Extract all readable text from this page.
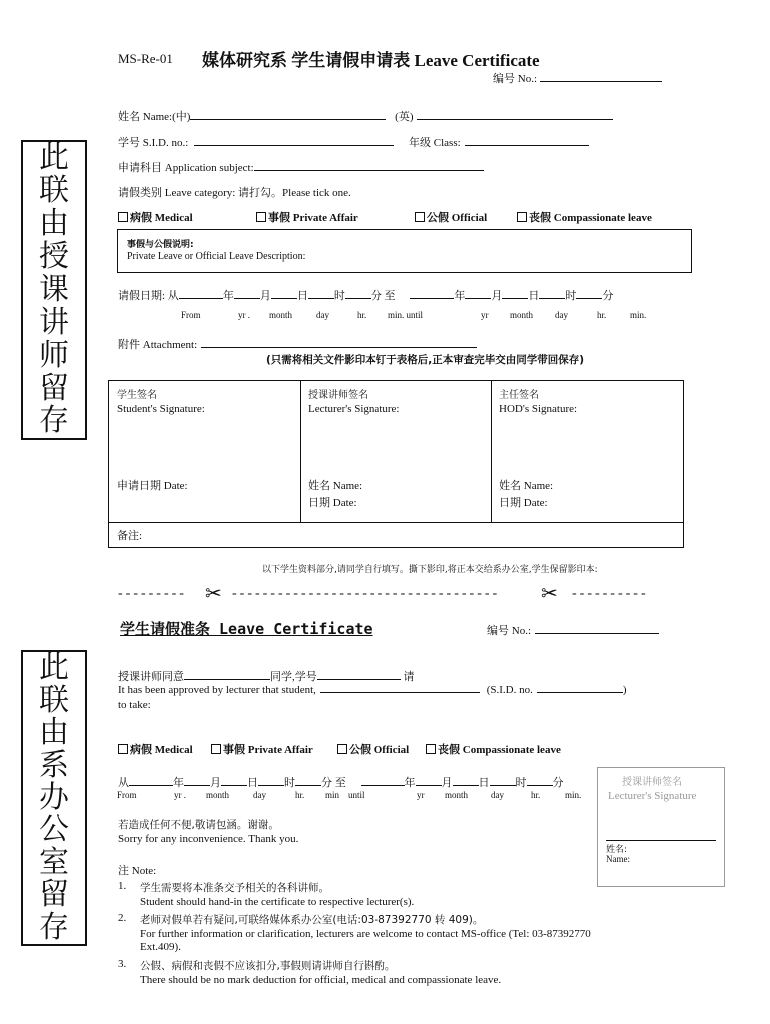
MS-Re-01 媒体研究系 学生请假申请表 Leave Certificate
编号 No.:
此
联
由
授
课
讲
师
留
存
此
联
由
系
办
公
室
留
存
姓名 Name:(中)	(英)
学号 S.I.D. no.:	年级 Class:
申请科目 Application subject:
请假类别 Leave category: 请打勾。Please tick one.
病假 Medical	事假 Private Affair	公假 Official	丧假 Compassionate leave
事假与公假说明:
Private Leave or Official Leave Description:
请假日期: 从	年 月 日 时 分 至	年 月 日 时 分
From	yr . month	day	hr. min. until	yr month day	hr.	min.
附件 Attachment:
(只需将相关文件影印本钉于表格后,正本审查完毕交由同学带回保存)
学生签名
Student's Signature:
申请日期 Date:
授课讲师签名
Lecturer's Signature:
姓名 Name:
日期 Date:
主任签名
HOD's Signature:
姓名 Name:
日期 Date:
备注:
以下学生资料部分,请同学自行填写。撕下影印,将正本交给系办公室,学生保留影印本:
--------- ✂ ----------------------------------- ✂ ----------
学生请假准条 Leave Certificate	编号 No.:
授课讲师同意	同学,学号	请
It has been approved by lecturer that student,	(S.I.D. no.	)
to take:
病假 Medical	事假 Private Affair	公假 Official	丧假 Compassionate leave
从	年 月 日 时 分 至	年 月 日 时 分
From	yr . month	day	hr. min until	yr month	day	hr.	min.
授课讲师签名
Lecturer's Signature
姓名:
Name:
若造成任何不便,敬请包涵。谢谢。
Sorry for any inconvenience. Thank you.
注 Note:
1. 学生需要将本准条交予相关的各科讲师。
Student should hand-in the certificate to respective lecturer(s).
2. 老师对假单若有疑问,可联络媒体系办公室(电话:03-87392770 转 409)。
For further information or clarification, lecturers are welcome to contact MS-office (Tel: 03-87392770
Ext.409).
3. 公假、病假和丧假不应该扣分,事假则请讲师自行斟酌。
There should be no mark deduction for official, medical and compassionate leave.
